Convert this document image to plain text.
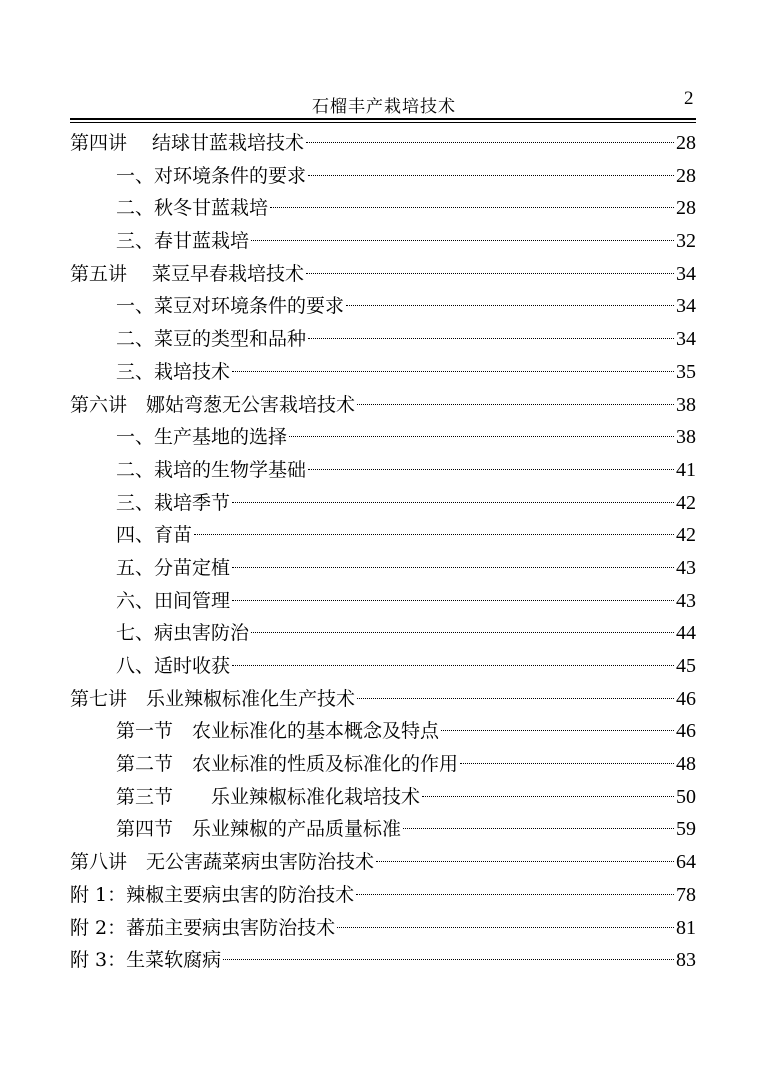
石榴丰产栽培技术	2
第四讲　 结球甘蓝栽培技术	28
一、对环境条件的要求	28
二、秋冬甘蓝栽培	28
三、春甘蓝栽培	32
第五讲　 菜豆早春栽培技术	34
一、菜豆对环境条件的要求	34
二、菜豆的类型和品种	34
三、栽培技术	35
第六讲　娜姑弯葱无公害栽培技术	38
一、生产基地的选择	38
二、栽培的生物学基础	41
三、栽培季节	42
四、育苗	42
五、分苗定植	43
六、田间管理	43
七、病虫害防治	44
八、适时收获	45
第七讲　乐业辣椒标准化生产技术	46
第一节　农业标准化的基本概念及特点	46
第二节　农业标准的性质及标准化的作用	48
第三节　　乐业辣椒标准化栽培技术	50
第四节　乐业辣椒的产品质量标准	59
第八讲　无公害蔬菜病虫害防治技术	64
附 1：辣椒主要病虫害的防治技术	78
附 2：蕃茄主要病虫害防治技术	81
附 3：生菜软腐病	83
